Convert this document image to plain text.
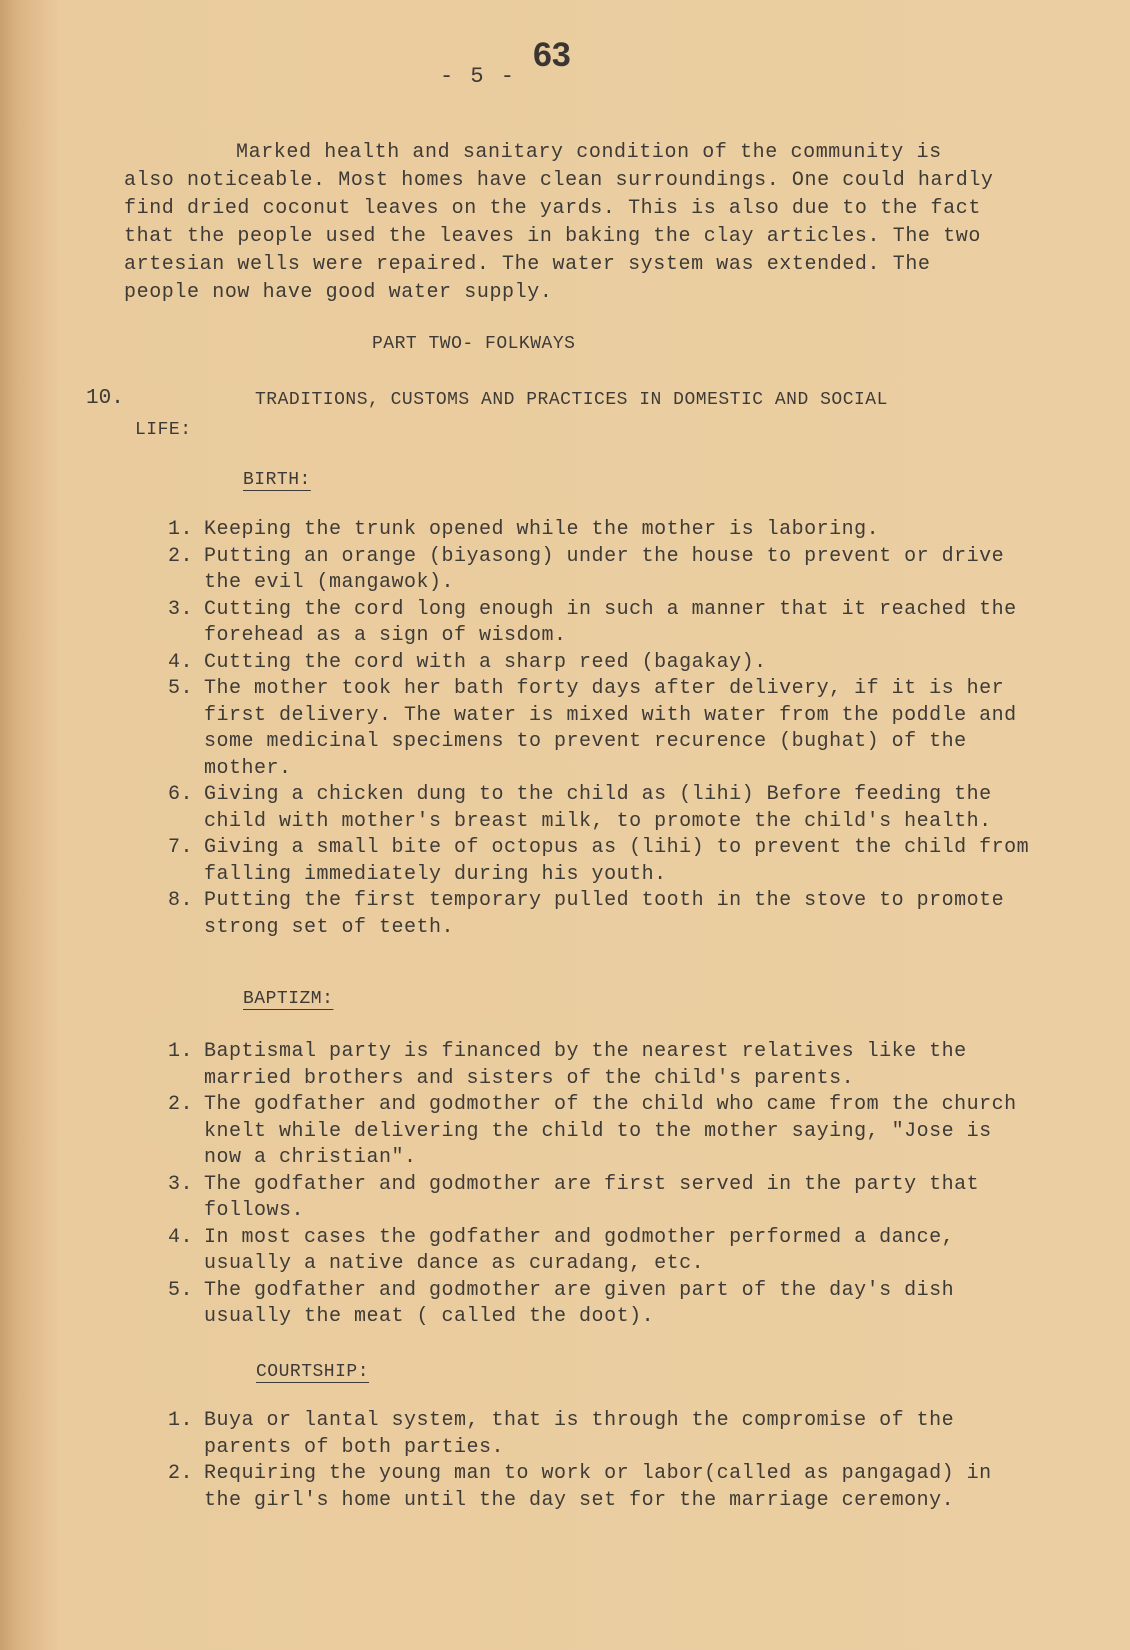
- 5 -
63

Marked health and sanitary condition of the community is also noticeable. Most homes have clean surroundings. One could hardly find dried coconut leaves on the yards. This is also due to the fact that the people used the leaves in baking the clay articles. The two artesian wells were repaired. The water system was extended. The people now have good water supply.

PART TWO- FOLKWAYS
10.	TRADITIONS, CUSTOMS AND PRACTICES IN DOMESTIC AND SOCIAL LIFE:

BIRTH:
1. Keeping the trunk opened while the mother is laboring.
2. Putting an orange (biyasong) under the house to prevent or drive the evil (mangawok).
3. Cutting the cord long enough in such a manner that it reached the forehead as a sign of wisdom.
4. Cutting the cord with a sharp reed (bagakay).
5. The mother took her bath forty days after delivery, if it is her first delivery. The water is mixed with water from the poddle and some medicinal specimens to prevent recurence (bughat) of the mother.
6. Giving a chicken dung to the child as (lihi) Before feeding the child with mother's breast milk, to promote the child's health.
7. Giving a small bite of octopus as (lihi) to prevent the child from falling immediately during his youth.
8. Putting the first temporary pulled tooth in the stove to promote strong set of teeth.
BAPTIZM:
1. Baptismal party is financed by the nearest relatives like the married brothers and sisters of the child's parents.
2. The godfather and godmother of the child who came from the church knelt while delivering the child to the mother saying, "Jose is now a christian".
3. The godfather and godmother are first served in the party that follows.
4. In most cases the godfather and godmother performed a dance, usually a native dance as curadang, etc.
5. The godfather and godmother are given part of the day's dish usually the meat ( called the doot).
COURTSHIP:
1. Buya or lantal system, that is through the compromise of the parents of both parties.
2. Requiring the young man to work or labor(called as pangagad) in the girl's home until the day set for the marriage ceremony.
